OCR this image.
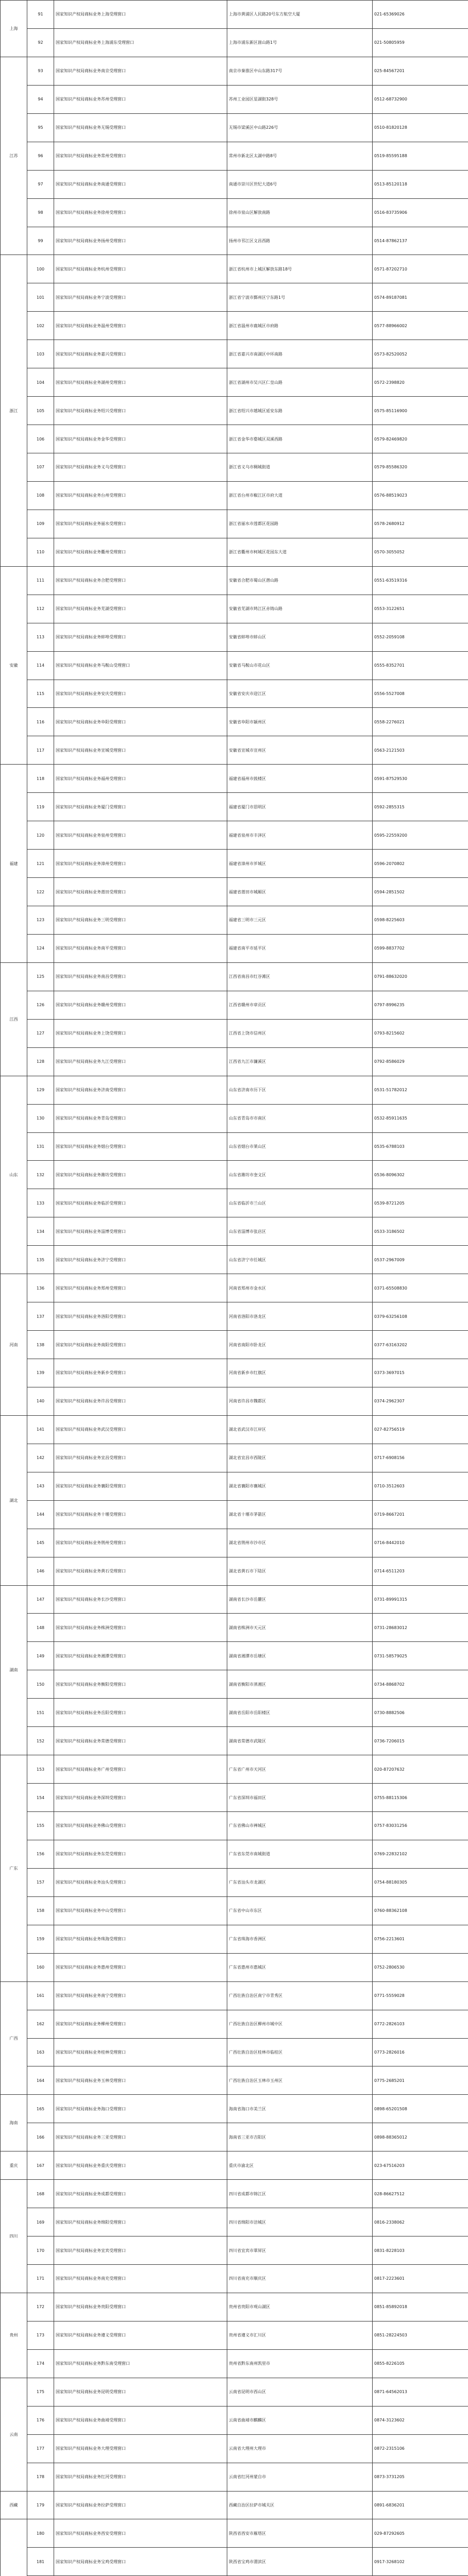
上海	91	国家知识产权局商标业务上海受理窗口	上海市黄浦区人民路20号东方航空大厦	021-65369026
	92	国家知识产权局商标业务上海浦东受理窗口	上海市浦东新区崮山路1号	021-50805959
江苏	93	国家知识产权局商标业务南京受理窗口	南京市秦淮区中山东路317号	025-84567201
	94	国家知识产权局商标业务苏州受理窗口	苏州工业园区星湖街328号	0512-68732900
	95	国家知识产权局商标业务无锡受理窗口	无锡市梁溪区中山路226号	0510-81820128
	96	国家知识产权局商标业务常州受理窗口	常州市新北区太湖中路8号	0519-85595188
	97	国家知识产权局商标业务南通受理窗口	南通市崇川区世纪大道6号	0513-85120118
	98	国家知识产权局商标业务徐州受理窗口	徐州市泉山区解放南路	0516-83735906
	99	国家知识产权局商标业务扬州受理窗口	扬州市邗江区文昌西路	0514-87862137
浙江	100	国家知识产权局商标业务杭州受理窗口	浙江省杭州市上城区解放东路18号	0571-87202710
	101	国家知识产权局商标业务宁波受理窗口	浙江省宁波市鄞州区宁东路1号	0574-89187081
	102	国家知识产权局商标业务温州受理窗口	浙江省温州市鹿城区市府路	0577-88966002
	103	国家知识产权局商标业务嘉兴受理窗口	浙江省嘉兴市南湖区中环南路	0573-82520052
	104	国家知识产权局商标业务湖州受理窗口	浙江省湖州市吴兴区仁皇山路	0572-2398820
	105	国家知识产权局商标业务绍兴受理窗口	浙江省绍兴市越城区延安东路	0575-85116900
	106	国家知识产权局商标业务金华受理窗口	浙江省金华市婺城区双溪西路	0579-82469820
	107	国家知识产权局商标业务义乌受理窗口	浙江省义乌市稠城街道	0579-85586320
	108	国家知识产权局商标业务台州受理窗口	浙江省台州市椒江区市府大道	0576-88519023
	109	国家知识产权局商标业务丽水受理窗口	浙江省丽水市莲都区花园路	0578-2680912
	110	国家知识产权局商标业务衢州受理窗口	浙江省衢州市柯城区花园东大道	0570-3055052
安徽	111	国家知识产权局商标业务合肥受理窗口	安徽省合肥市蜀山区潜山路	0551-63519316
	112	国家知识产权局商标业务芜湖受理窗口	安徽省芜湖市鸠江区赤铸山路	0553-3122651
	113	国家知识产权局商标业务蚌埠受理窗口	安徽省蚌埠市蚌山区	0552-2059108
	114	国家知识产权局商标业务马鞍山受理窗口	安徽省马鞍山市花山区	0555-8352701
	115	国家知识产权局商标业务安庆受理窗口	安徽省安庆市迎江区	0556-5527008
	116	国家知识产权局商标业务阜阳受理窗口	安徽省阜阳市颍州区	0558-2276021
	117	国家知识产权局商标业务宣城受理窗口	安徽省宣城市宣州区	0563-2121503
福建	118	国家知识产权局商标业务福州受理窗口	福建省福州市鼓楼区	0591-87529530
	119	国家知识产权局商标业务厦门受理窗口	福建省厦门市思明区	0592-2855315
	120	国家知识产权局商标业务泉州受理窗口	福建省泉州市丰泽区	0595-22559200
	121	国家知识产权局商标业务漳州受理窗口	福建省漳州市芗城区	0596-2070802
	122	国家知识产权局商标业务莆田受理窗口	福建省莆田市城厢区	0594-2851502
	123	国家知识产权局商标业务三明受理窗口	福建省三明市三元区	0598-8225603
	124	国家知识产权局商标业务南平受理窗口	福建省南平市延平区	0599-8837702
江西	125	国家知识产权局商标业务南昌受理窗口	江西省南昌市红谷滩区	0791-88632020
	126	国家知识产权局商标业务赣州受理窗口	江西省赣州市章贡区	0797-8996235
	127	国家知识产权局商标业务上饶受理窗口	江西省上饶市信州区	0793-8215602
	128	国家知识产权局商标业务九江受理窗口	江西省九江市濂溪区	0792-8586029
山东	129	国家知识产权局商标业务济南受理窗口	山东省济南市历下区	0531-51782012
	130	国家知识产权局商标业务青岛受理窗口	山东省青岛市市南区	0532-85911635
	131	国家知识产权局商标业务烟台受理窗口	山东省烟台市莱山区	0535-6788103
	132	国家知识产权局商标业务潍坊受理窗口	山东省潍坊市奎文区	0536-8096302
	133	国家知识产权局商标业务临沂受理窗口	山东省临沂市兰山区	0539-8721205
	134	国家知识产权局商标业务淄博受理窗口	山东省淄博市张店区	0533-3186502
	135	国家知识产权局商标业务济宁受理窗口	山东省济宁市任城区	0537-2967009
河南	136	国家知识产权局商标业务郑州受理窗口	河南省郑州市金水区	0371-65508830
	137	国家知识产权局商标业务洛阳受理窗口	河南省洛阳市洛龙区	0379-63256108
	138	国家知识产权局商标业务南阳受理窗口	河南省南阳市卧龙区	0377-63163202
	139	国家知识产权局商标业务新乡受理窗口	河南省新乡市红旗区	0373-3697015
	140	国家知识产权局商标业务许昌受理窗口	河南省许昌市魏都区	0374-2962307
湖北	141	国家知识产权局商标业务武汉受理窗口	湖北省武汉市江岸区	027-82756519
	142	国家知识产权局商标业务宜昌受理窗口	湖北省宜昌市西陵区	0717-6908156
	143	国家知识产权局商标业务襄阳受理窗口	湖北省襄阳市襄城区	0710-3512603
	144	国家知识产权局商标业务十堰受理窗口	湖北省十堰市茅箭区	0719-8667201
	145	国家知识产权局商标业务荆州受理窗口	湖北省荆州市沙市区	0716-8442010
	146	国家知识产权局商标业务黄石受理窗口	湖北省黄石市下陆区	0714-6511203
湖南	147	国家知识产权局商标业务长沙受理窗口	湖南省长沙市岳麓区	0731-89991315
	148	国家知识产权局商标业务株洲受理窗口	湖南省株洲市天元区	0731-28683012
	149	国家知识产权局商标业务湘潭受理窗口	湖南省湘潭市岳塘区	0731-58579025
	150	国家知识产权局商标业务衡阳受理窗口	湖南省衡阳市蒸湘区	0734-8868702
	151	国家知识产权局商标业务岳阳受理窗口	湖南省岳阳市岳阳楼区	0730-8882506
	152	国家知识产权局商标业务常德受理窗口	湖南省常德市武陵区	0736-7206015
广东	153	国家知识产权局商标业务广州受理窗口	广东省广州市天河区	020-87207632
	154	国家知识产权局商标业务深圳受理窗口	广东省深圳市福田区	0755-88115306
	155	国家知识产权局商标业务佛山受理窗口	广东省佛山市禅城区	0757-83031256
	156	国家知识产权局商标业务东莞受理窗口	广东省东莞市南城街道	0769-22832102
	157	国家知识产权局商标业务汕头受理窗口	广东省汕头市龙湖区	0754-88180305
	158	国家知识产权局商标业务中山受理窗口	广东省中山市东区	0760-88362108
	159	国家知识产权局商标业务珠海受理窗口	广东省珠海市香洲区	0756-2213601
	160	国家知识产权局商标业务惠州受理窗口	广东省惠州市惠城区	0752-2806530
广西	161	国家知识产权局商标业务南宁受理窗口	广西壮族自治区南宁市青秀区	0771-5559028
	162	国家知识产权局商标业务柳州受理窗口	广西壮族自治区柳州市城中区	0772-2826103
	163	国家知识产权局商标业务桂林受理窗口	广西壮族自治区桂林市临桂区	0773-2826016
	164	国家知识产权局商标业务玉林受理窗口	广西壮族自治区玉林市玉州区	0775-2685201
海南	165	国家知识产权局商标业务海口受理窗口	海南省海口市美兰区	0898-65201508
	166	国家知识产权局商标业务三亚受理窗口	海南省三亚市吉阳区	0898-88365012
重庆	167	国家知识产权局商标业务重庆受理窗口	重庆市渝北区	023-67516203
四川	168	国家知识产权局商标业务成都受理窗口	四川省成都市锦江区	028-86627512
	169	国家知识产权局商标业务绵阳受理窗口	四川省绵阳市涪城区	0816-2338062
	170	国家知识产权局商标业务宜宾受理窗口	四川省宜宾市翠屏区	0831-8228103
	171	国家知识产权局商标业务南充受理窗口	四川省南充市顺庆区	0817-2223601
贵州	172	国家知识产权局商标业务贵阳受理窗口	贵州省贵阳市观山湖区	0851-85892018
	173	国家知识产权局商标业务遵义受理窗口	贵州省遵义市汇川区	0851-28224503
	174	国家知识产权局商标业务黔东南受理窗口	贵州省黔东南州凯里市	0855-8226105
云南	175	国家知识产权局商标业务昆明受理窗口	云南省昆明市西山区	0871-64562013
	176	国家知识产权局商标业务曲靖受理窗口	云南省曲靖市麒麟区	0874-3123602
	177	国家知识产权局商标业务大理受理窗口	云南省大理州大理市	0872-2315106
	178	国家知识产权局商标业务红河受理窗口	云南省红河州蒙自市	0873-3731205
西藏	179	国家知识产权局商标业务拉萨受理窗口	西藏自治区拉萨市城关区	0891-6836201
	180	国家知识产权局商标业务西安受理窗口	陕西省西安市雁塔区	029-87292605
	181	国家知识产权局商标业务宝鸡受理窗口	陕西省宝鸡市渭滨区	0917-3268102
